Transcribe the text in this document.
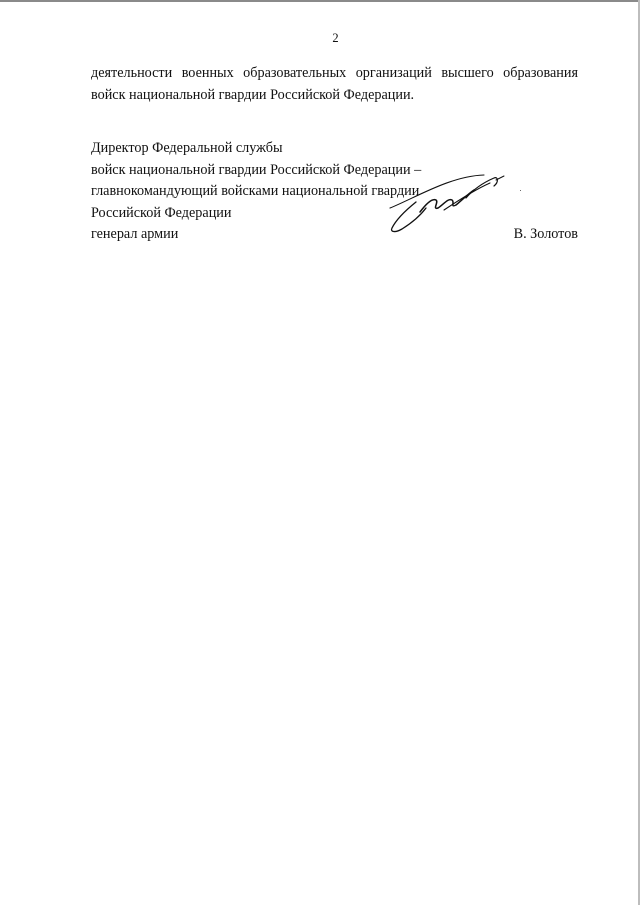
2

деятельности военных образовательных организаций высшего образования
войск национальной гвардии Российской Федерации.

Директор Федеральной службы
войск национальной гвардии Российской Федерации –
главнокомандующий войсками национальной гвардии
Российской Федерации
генерал армии	В. Золотов
